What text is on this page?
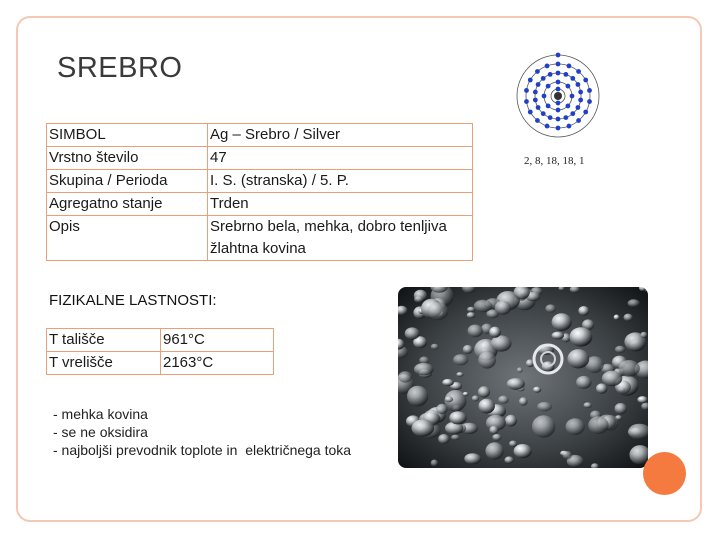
SREBRO
SIMBOL	Ag – Srebro / Silver
Vrstno število	47
Skupina / Perioda	I. S. (stranska) / 5. P.
Agregatno stanje	Trden
Opis	Srebrno bela, mehka, dobro tenljiva žlahtna kovina
2, 8, 18, 18, 1
FIZIKALNE LASTNOSTI:
T tališče	961°C
T vrelišče	2163°C
- mehka kovina
- se ne oksidira
- najboljši prevodnik toplote in  električnega toka
